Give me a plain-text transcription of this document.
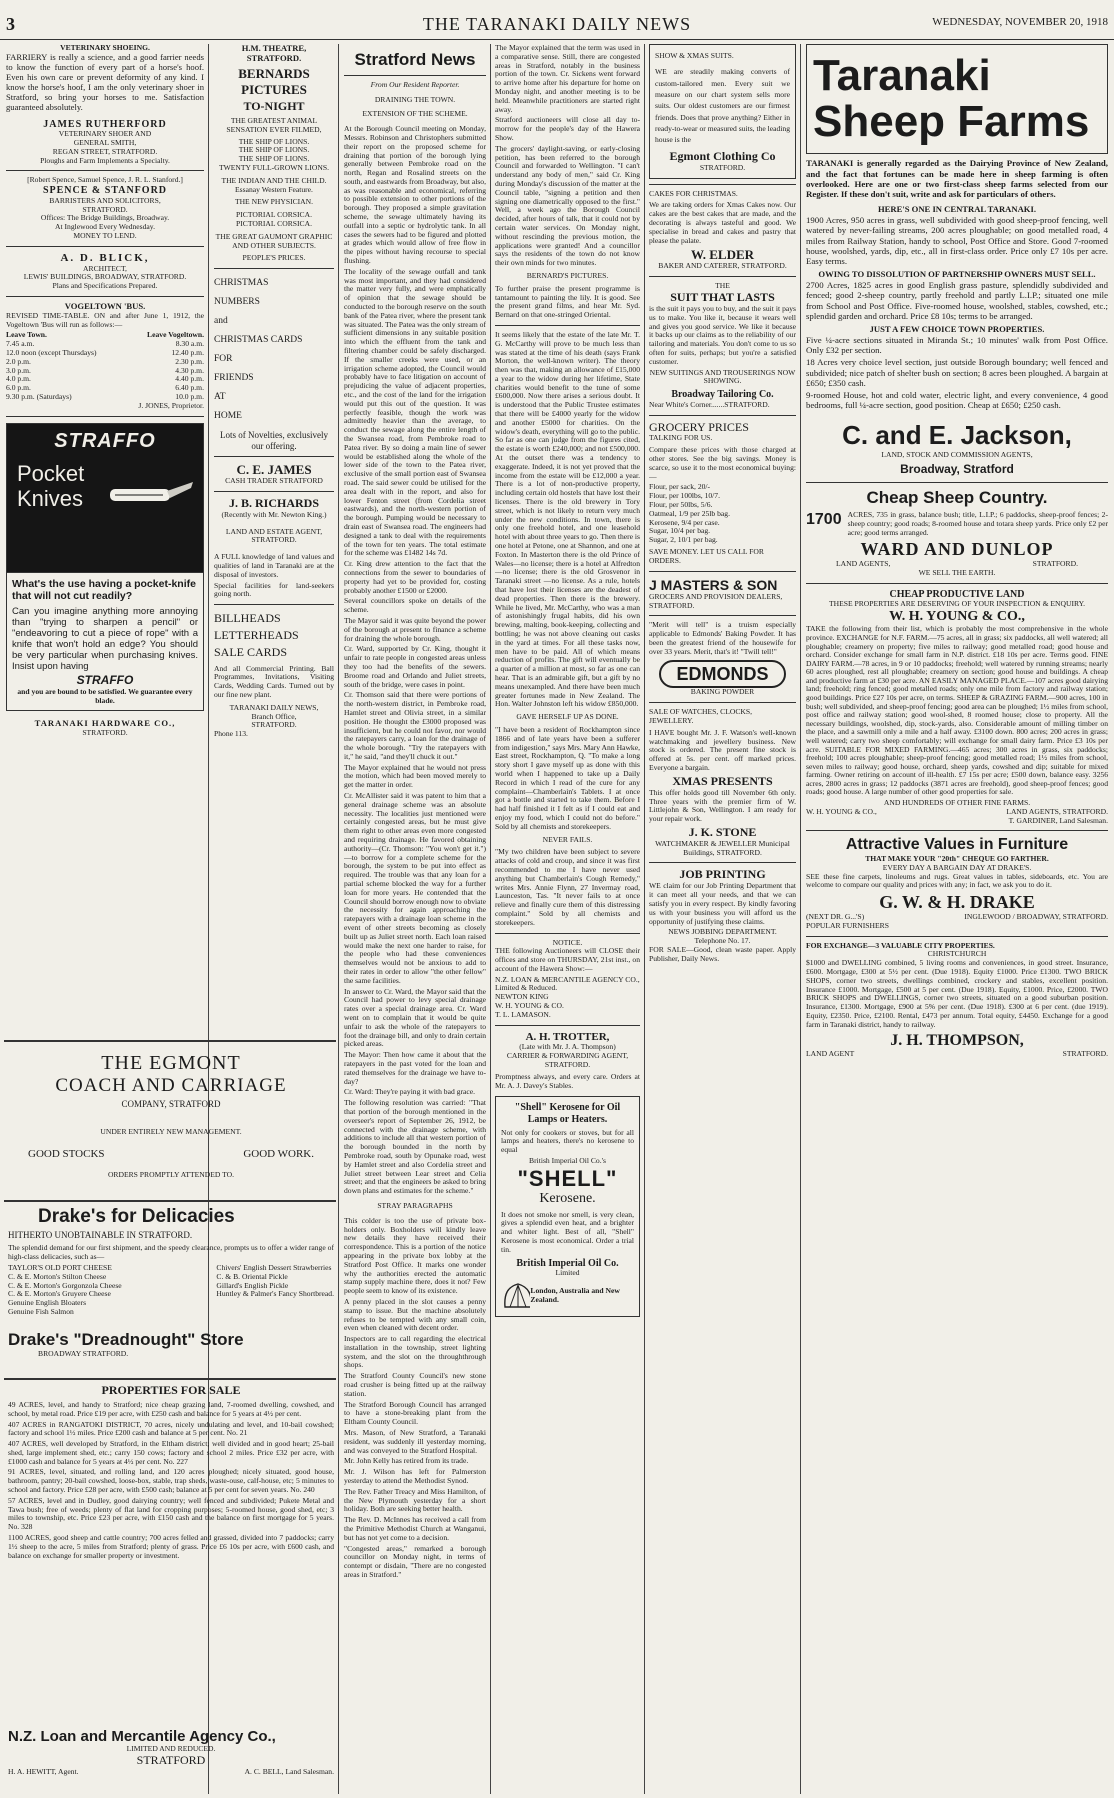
3	THE TARANAKI DAILY NEWS	WEDNESDAY, NOVEMBER 20, 1918
VETERINARY SHOEING.

FARRIERY is really a science, and a good farrier needs to know the function of every part of a horse's hoof. Even his own care or prevent deformity of any kind. I know the horse's hoof, I am the only veterinary shoer in Stratford, so bring your horses to me. Satisfaction guaranteed absolutely.

JAMES RUTHERFORD
VETERINARY SHOER AND
GENERAL SMITH,
REGAN STREET, STRATFORD.
Ploughs and Farm Implements a Specialty.
[Robert Spence, Samuel Spence, J. R. L. Stanford.]
SPENCE & STANFORD
BARRISTERS AND SOLICITORS,
STRATFORD.
Offices: The Bridge Buildings, Broadway.
At Inglewood Every Wednesday.
MONEY TO LEND.
A. D. BLICK,
ARCHITECT,
LEWIS' BUILDINGS, BROADWAY, STRATFORD.
Plans and Specifications Prepared.
VOGELTOWN 'BUS.

REVISED TIME-TABLE. ON and after June 1, 1912, the Vogeltown 'Bus will run as follows:—

Leave Town.	Leave Vogeltown.
7.45 a.m.	8.30 a.m.
12.0 noon (except Thursdays)	12.40 p.m.
2.0 p.m.	2.30 p.m.
3.0 p.m.	4.30 p.m.
4.0 p.m.	4.40 p.m.
6.0 p.m.	6.40 p.m.
9.30 p.m. (Saturdays)	10.0 p.m.
J. JONES, Proprietor.
STRAFFO
Pocket
Knives
What's the use having a pocket-knife that will not cut readily?

Can you imagine anything more annoying than "trying to sharpen a pencil" or "endeavoring to cut a piece of rope" with a knife that won't hold an edge? You should be very particular when purchasing knives. Insist upon having

STRAFFO
and you are bound to be satisfied. We guarantee every blade.
TARANAKI HARDWARE CO.,
STRATFORD.
H.M. THEATRE, STRATFORD.
BERNARDS PICTURES
TO-NIGHT
THE GREATEST ANIMAL SENSATION EVER FILMED,
THE SHIP OF LIONS.
THE SHIP OF LIONS.
THE SHIP OF LIONS.
TWENTY FULL-GROWN LIONS.
THE INDIAN AND THE CHILD. Essanay Western Feature.
THE NEW PHYSICIAN.
PICTORIAL CORSICA.
PICTORIAL CORSICA.
THE GREAT GAUMONT GRAPHIC AND OTHER SUBJECTS.
PEOPLE'S PRICES.
CHRISTMAS
NUMBERS
and
CHRISTMAS CARDS
FOR
FRIENDS
AT
HOME
Lots of Novelties, exclusively our offering.
C. E. JAMES
CASH TRADER STRATFORD
J. B. RICHARDS
(Recently with Mr. Newton King.)
LAND AND ESTATE AGENT, STRATFORD.

A FULL knowledge of land values and qualities of land in Taranaki are at the disposal of investors.

Special facilities for land-seekers going north.

BILLHEADS
LETTERHEADS
SALE CARDS

And all Commercial Printing. Ball Programmes, Invitations, Visiting Cards, Wedding Cards. Turned out by our fine new plant.

TARANAKI DAILY NEWS,
Branch Office,
STRATFORD.
Phone 113.
THE EGMONT
COACH AND CARRIAGE
COMPANY, STRATFORD
UNDER ENTIRELY NEW MANAGEMENT.
GOOD STOCKS	GOOD WORK.
ORDERS PROMPTLY ATTENDED TO.
Drake's for Delicacies
HITHERTO UNOBTAINABLE IN STRATFORD.

The splendid demand for our first shipment, and the speedy clearance, prompts us to offer a wider range of high-class delicacies, such as—

TAYLOR'S OLD PORT CHEESE
C. & E. Morton's Stilton Cheese
C. & E. Morton's Gorgonzola Cheese
C. & E. Morton's Gruyere Cheese
Genuine English Bloaters
Genuine Fish Salmon
Chivers' English Dessert Strawberries
C. & B. Oriental Pickle
Gillard's English Pickle
Huntley & Palmer's Fancy Shortbread.
Drake's "Dreadnought" Store
BROADWAY STRATFORD.
PROPERTIES FOR SALE

49 ACRES, level, and handy to Stratford; nice cheap grazing land, 7-roomed dwelling, cowshed, and school, by metal road. Price £19 per acre, with £250 cash and balance for 5 years at 4½ per cent.

407 ACRES in RANGATOKI DISTRICT, 70 acres, nicely undulating and level, and 10-bail cowshed; factory and school 1½ miles. Price £200 cash and balance at 5 per cent. No. 21

407 ACRES, well developed by Stratford, in the Eltham district; well divided and in good heart; 25-bail shed, large implement shed, etc.; carry 150 cows; factory and school 2 miles. Price £32 per acre, with £1000 cash and balance for 5 years at 4½ per cent. No. 227

91 ACRES, level, situated, and rolling land, and 120 acres ploughed; nicely situated, good house, bathroom, pantry; 20-bail cowshed, loose-box, stable, trap sheds, waste-ouse, calf-house, etc; 5 minutes to school and factory. Price £28 per acre, with £500 cash; balance at 5 per cent for seven years. No. 240

57 ACRES, level and in Dudley, good dairying country; well fenced and subdivided; Pukete Metal and Tawa bush; free of weeds; plenty of flat land for cropping purposes; 5-roomed house, good shed, etc; 3 miles to township, etc. Price £23 per acre, with £150 cash and the balance on first mortgage for 5 years. No. 328

1100 ACRES, good sheep and cattle country; 700 acres felled and grassed, divided into 7 paddocks; carry 1½ sheep to the acre, 5 miles from Stratford; plenty of grass. Price £6 10s per acre, with £600 cash, and balance on exchange for smaller property or investment.

N.Z. Loan and Mercantile Agency Co.,
LIMITED AND REDUCED.
STRATFORD
H. A. HEWITT, Agent.	A. C. BELL, Land Salesman.
Stratford News
From Our Resident Reporter.
DRAINING THE TOWN.
EXTENSION OF THE SCHEME.

At the Borough Council meeting on Monday, Messrs. Robinson and Christophers submitted their report on the proposed scheme for draining that portion of the borough lying generally between Pembroke road on the north, Regan and Rosalind streets on the south, and eastwards from Broadway, but also, as was reasonable and economical, referring to possible extension to other portions of the borough. They proposed a simple gravitation scheme, the sewage ultimately having its outfall into a septic or hydrolytic tank. In all cases the sewers had to be figured and plotted at grades which would allow of free flow in the pipes without having recourse to special flushing.

The locality of the sewage outfall and tank was most important, and they had considered the matter very fully, and were emphatically of opinion that the sewage should be conducted to the borough reserve on the south bank of the Patea river, where the present tank was situated. The Patea was the only stream of sufficient dimensions in any suitable position into which the effluent from the tank and filtering chamber could be safely discharged. If the smaller creeks were used, or an irrigation scheme adopted, the Council would probably have to face litigation on account of prejudicing the value of adjacent properties, etc., and the cost of the land for the irrigation would put this out of the question. It was perfectly feasible, though the work was admittedly heavier than the average, to conduct the sewage along the entire length of the Swansea road, from Pembroke road to Patea river. By so doing a main line of sewer would be established along the whole of the lower side of the town to the Patea river, exclusive of the small portion east of Swansea road. The said sewer could be utilised for the area dealt with in the report, and also for lower Fenton street (from Cordelia street eastwards), and the north-western portion of the borough. Pumping would be necessary to drain east of Swansea road. The engineers had designed a tank to deal with the requirements of the town for ten years. The total estimate for the scheme was £1482 14s 7d.

Cr. King drew attention to the fact that the connections from the sewer to boundaries of property had yet to be provided for, costing probably another £1500 or £2000.

Several councillors spoke on details of the scheme.

The Mayor said it was quite beyond the power of the borough at present to finance a scheme for draining the whole borough.

Cr. Ward, supported by Cr. King, thought it unfair to rate people in congested areas unless they too had the benefits of the sewers. Broome road and Orlando and Juliet streets, south of the bridge, were cases in point.

Cr. Thomson said that there were portions of the north-western district, in Pembroke road, Hamlet street and Olivia street, in a similar position. He thought the £3000 proposed was insufficient, but he could not favor, nor would the ratepayers carry, a loan for the drainage of the whole borough. "Try the ratepayers with it," he said, "and they'll chuck it out."

The Mayor explained that he would not press the motion, which had been moved merely to get the matter in order.

Cr. McAllister said it was patent to him that a general drainage scheme was an absolute necessity. The localities just mentioned were certainly congested areas, but he must give them right to other areas even more congested and requiring drainage. He favored obtaining authority—(Cr. Thomson: "You won't get it.")—to borrow for a complete scheme for the borough, the system to be put into effect as required. The trouble was that any loan for a partial scheme blocked the way for a further loan for more years. He contended that the Council should borrow enough now to obviate the necessity for again approaching the ratepayers with a drainage loan scheme in the event of other streets becoming as closely built up as Juliet street north. Each loan raised would make the next one harder to raise, for the people who had these conveniences themselves would not be anxious to add to their rates in order to allow "the other fellow" the same facilities.

In answer to Cr. Ward, the Mayor said that the Council had power to levy special drainage rates over a special drainage area. Cr. Ward went on to complain that it would be quite unfair to ask the whole of the ratepayers to foot the drainage bill, and only to drain certain picked areas.

The Mayor: Then how came it about that the ratepayers in the past voted for the loan and rated themselves for the drainage we have to-day?

Cr. Ward: They're paying it with bad grace.

The following resolution was carried: "That that portion of the borough mentioned in the overseer's report of September 26, 1912, be connected with the drainage scheme, with additions to include all that western portion of the borough bounded in the north by Pembroke road, south by Opunake road, west by Hamlet street and also Cordelia street and Juliet street between Lear street and Celia street; and that the engineers be asked to bring down plans and estimates for the scheme."

STRAY PARAGRAPHS

This colder is too the use of private box-holders only. Boxholders will kindly leave new details they have received their correspondence. This is a portion of the notice appearing in the private box lobby at the Stratford Post Office. It marks one wonder why the authorities erected the automatic stamp supply machine there, does it not? Few people seem to know of its existence.

A penny placed in the slot causes a penny stamp to issue. But the machine absolutely refuses to be tempted with any small coin, even when cleaned with decent order.

Inspectors are to call regarding the electrical installation in the township, street lighting system, and the slot on the throughthrough shops.

The Stratford County Council's new stone road crusher is being fitted up at the railway station.

The Stratford Borough Council has arranged to have a stone-breaking plant from the Eltham County Council.

Mrs. Mason, of New Stratford, a Taranaki resident, was suddenly ill yesterday morning, and was conveyed to the Stratford Hospital.

Mr. John Kelly has retired from its trade.

Mr. J. Wilson has left for Palmerston yesterday to attend the Methodist Synod.

The Rev. Father Treacy and Miss Hamilton, of the New Plymouth yesterday for a short holiday. Both are seeking better health.

The Rev. D. McInnes has received a call from the Primitive Methodist Church at Wanganui, but has not yet come to a decision.

"Congested areas," remarked a borough councillor on Monday night, in terms of contempt or disdain, "There are no congested areas in Stratford."

The Mayor explained that the term was used in a comparative sense. Still, there are congested areas in Stratford, notably in the business portion of the town. Cr. Sickens went forward to arrive home after his departure for home on Monday night, and another meeting is to be held. Meanwhile practitioners are started right away.

Stratford auctioneers will close all day to-morrow for the people's day of the Hawera Show.

The grocers' daylight-saving, or early-closing petition, has been referred to the borough Council and forwarded to Wellington. "I can't understand any body of men," said Cr. King during Monday's discussion of the matter at the Council table, "signing a petition and then signing one diametrically opposed to the first." Well, a week ago the Borough Council decided, after hours of talk, that it could not by certain water services. On Monday night, without rescinding the previous motion, the applications were granted! And a councillor says the residents of the town do not know their own minds for two minutes.

BERNARD'S PICTURES.

To further praise the present programme is tantamount to painting the lily. It is good. See the present grand films, and hear Mr. Syd. Bernard on that one-stringed Oriental.

It seems likely that the estate of the late Mr. T. G. McCarthy will prove to be much less than was stated at the time of his death (says Frank Morton, the well-known writer). The theory then was that, making an allowance of £15,000 a year to the widow during her lifetime, State charities would benefit to the tune of some £600,000. Now there arises a serious doubt. It is understood that the Public Trustee estimates that there will be £4000 yearly for the widow and another £5000 for charities. On the widow's death, everything will go to the public. So far as one can judge from the figures cited, the estate is worth £240,000; and not £500,000. At the outset there was a tendency to exaggerate. Indeed, it is not yet proved that the income from the estate will be £12,000 a year. There is a lot of non-productive property, including certain old hostels that have lost their licenses. There is the old brewery in Tory street, which is not likely to return very much under the new conditions. In town, there is only one freehold hotel, and one leasehold hotel with about three years to go. Then there is one hotel at Petone, one at Shannon, and one at Foxton. In Masterton there is the old Prince of Wales—no license; there is a hotel at Alfredton—no license; there is the old Grosvenor in Taranaki street —no license. As a rule, hotels that have lost their licenses are the deadest of dead properties. Then there is the brewery. While he lived, Mr. McCarthy, who was a man of astonishingly frugal habits, did his own brewing, malting, book-keeping, collecting and bottling; he was not above cleaning out casks in the yard at times. For all these tasks now, men have to be paid. All of which means reduction of profits. The gift will eventually be a quarter of a million at most, so far as one can hear. That is an admirable gift, but a gift by no means unexampled. And there have been much greater fortunes made in New Zealand. The Hon. Walter Johnston left his widow £850,000.

GAVE HERSELF UP AS DONE.

"I have been a resident of Rockhampton since 1866 and of late years have been a sufferer from indigestion," says Mrs. Mary Ann Hawke, East street, Rockhampton, Q. "To make a long story short I gave myself up as done with this world when I happened to take up a Daily Record in which I read of the cure for any complaint—Chamberlain's Tablets. I at once got a bottle and started to take them. Before I had half finished it I felt as if I could eat and enjoy my food, which I could not do before." Sold by all chemists and storekeepers.

NEVER FAILS.

"My two children have been subject to severe attacks of cold and croup, and since it was first recommended to me I have never used anything but Chamberlain's Cough Remedy," writes Mrs. Annie Flynn, 27 Invermay road, Launceston, Tas. "It never fails to at once relieve and finally cure them of this distressing complaint." Sold by all chemists and storekeepers.

NOTICE.

THE following Auctioneers will CLOSE their offices and store on THURSDAY, 21st inst., on account of the Hawera Show:—

N.Z. LOAN & MERCANTILE AGENCY CO., Limited & Reduced.
NEWTON KING
W. H. YOUNG & CO.
T. L. LAMASON.
A. H. TROTTER,
(Late with Mr. J. A. Thompson)
CARRIER & FORWARDING AGENT, STRATFORD.

Promptness always, and every care. Orders at Mr. A. J. Davey's Stables.

"Shell" Kerosene for Oil Lamps or Heaters.

Not only for cookers or stoves, but for all lamps and heaters, there's no kerosene to equal

British Imperial Oil Co.'s
"SHELL"
Kerosene.

It does not smoke nor smell, is very clean, gives a splendid even heat, and a brighter and whiter light. Best of all, "Shell" Kerosene is most economical. Order a trial tin.

British Imperial Oil Co.
Limited
London, Australia and New Zealand.
SHOW & XMAS SUITS.

WE are steadily making converts of custom-tailored men. Every suit we measure on our chart system sells more suits. Our oldest customers are our firmest friends. Does that prove anything? Either in ready-to-wear or measured suits, the leading house is the

Egmont Clothing Co
STRATFORD.
CAKES FOR CHRISTMAS.

We are taking orders for Xmas Cakes now. Our cakes are the best cakes that are made, and the decorating is always tasteful and good. We specialise in bread and cakes and pastry that please the palate.

W. ELDER
BAKER AND CATERER, STRATFORD.
THE
SUIT THAT LASTS

is the suit it pays you to buy, and the suit it pays us to make. You like it, because it wears well and gives you good service. We like it because it backs up our claims as to the reliability of our tailoring and materials. You don't come to us so often for suits, perhaps; but you're a satisfied customer.

NEW SUITINGS AND TROUSERINGS NOW SHOWING.
Broadway Tailoring Co.
Near White's Corner.......STRATFORD.
GROCERY PRICES
TALKING FOR US.

Compare these prices with those charged at other stores. See the big savings. Money is scarce, so use it to the most economical buying:—

Flour, per sack, 20/-
Flour, per 100lbs, 10/7.
Flour, per 50lbs, 5/6.
Oatmeal, 1/9 per 25lb bag.
Kerosene, 9/4 per case.
Sugar, 10/4 per bag.
Sugar, 2, 10/1 per bag.
SAVE MONEY. LET US CALL FOR ORDERS.
J MASTERS & SON
GROCERS AND PROVISION DEALERS, STRATFORD.

"Merit will tell" is a truism especially applicable to Edmonds' Baking Powder. It has been the greatest friend of the housewife for over 33 years. Merit, that's it! "Twill tell!"

EDMONDS
BAKING POWDER
SALE OF WATCHES, CLOCKS, JEWELLERY.

I HAVE bought Mr. J. F. Watson's well-known watchmaking and jewellery business. New stock is ordered. The present fine stock is offered at 5s. per cent. off marked prices. Everyone a bargain.

XMAS PRESENTS

This offer holds good till November 6th only. Three years with the premier firm of W. Littlejohn & Son, Wellington. I am ready for your repair work.

J. K. STONE
WATCHMAKER & JEWELLER Municipal Buildings, STRATFORD.
JOB PRINTING

WE claim for our Job Printing Department that it can meet all your needs, and that we can satisfy you in every respect. By kindly favoring us with your business you will afford us the opportunity of justifying these claims.

NEWS JOBBING DEPARTMENT.
Telephone No. 17.

FOR SALE—Good, clean waste paper. Apply Publisher, Daily News.

Taranaki
Sheep Farms

TARANAKI is generally regarded as the Dairying Province of New Zealand, and the fact that fortunes can be made here in sheep farming is often overlooked. Here are one or two first-class sheep farms selected from our Register. If these don't suit, write and ask for particulars of others.

HERE'S ONE IN CENTRAL TARANAKI.

1900 Acres, 950 acres in grass, well subdivided with good sheep-proof fencing, well watered by never-failing streams, 200 acres ploughable; on good metalled road, 4 miles from Railway Station, handy to school, Post Office and Store. Good 7-roomed house, woolshed, yards, dip, etc., all in first-class order. Price only £7 10s per acre. Easy terms.

OWING TO DISSOLUTION OF PARTNERSHIP OWNERS MUST SELL.

2700 Acres, 1825 acres in good English grass pasture, splendidly subdivided and fenced; good 2-sheep country, partly freehold and partly L.I.P.; situated one mile from School and Post Office. Five-roomed house, woolshed, stables, cowshed, etc.; splendid garden and orchard. Price £8 10s; terms to be arranged.

JUST A FEW CHOICE TOWN PROPERTIES.

Five ¼-acre sections situated in Miranda St.; 10 minutes' walk from Post Office. Only £32 per section.

18 Acres very choice level section, just outside Borough boundary; well fenced and subdivided; nice patch of shelter bush on section; 8 acres been ploughed. A bargain at £650; £350 cash.

9-roomed House, hot and cold water, electric light, and every convenience, 4 good bedrooms, full ¼-acre section, good position. Cheap at £650; £250 cash.

C. and E. Jackson,
LAND, STOCK AND COMMISSION AGENTS,
Broadway, Stratford
Cheap Sheep Country.
1700 ACRES, 735 in grass, balance bush; title, L.I.P.; 6 paddocks, sheep-proof fences; 2-sheep country; good roads; 8-roomed house and totara sheep yards. Price only £2 per acre; good terms arranged.

WARD AND DUNLOP
LAND AGENTS,	STRATFORD.
WE SELL THE EARTH.
CHEAP PRODUCTIVE LAND
THESE PROPERTIES ARE DESERVING OF YOUR INSPECTION & ENQUIRY.
W. H. YOUNG & CO.,

TAKE the following from their list, which is probably the most comprehensive in the whole province. EXCHANGE for N.F. FARM.—75 acres, all in grass; six paddocks, all well watered; all ploughable; creamery on property; five miles to railway; good metalled road; good house and orchard. Consider exchange for small farm in N.P. district. £18 10s per acre. Terms good. FINE DAIRY FARM.—78 acres, in 9 or 10 paddocks; freehold; well watered by running streams; nearly 60 acres ploughed, rest all ploughable; creamery on section; good house and buildings. A cheap and productive farm at £30 per acre. AN EASILY MANAGED PLACE.—107 acres good dairying land; freehold; ring fenced; good metalled roads; only one mile from factory and railway station; good buildings. Price £27 10s per acre, on terms. SHEEP & GRAZING FARM.—900 acres, 100 in bush; well subdivided, and sheep-proof fencing; good area can be ploughed; 1½ miles from school, post office and railway station; good wool-shed, 8 roomed house; close to property. All the necessary buildings, woolshed, dip, stock-yards, also. Considerable amount of milling timber on the place, and a sawmill only a mile and a half away. £3100 down. 800 acres; 200 acres in grass; well watered; carry two sheep comfortably; will exchange for small dairy farm. Price £3 10s per acre. SUITABLE FOR MIXED FARMING.—465 acres; 300 acres in grass, six paddocks; freehold; 100 acres ploughable; sheep-proof fencing; good metalled road; 1½ miles from school, seven miles to railway; good house, orchard, sheep yards, cowshed and dip; suitable for mixed farming. Owner retiring on account of ill-health. £7 15s per acre; £500 down, balance easy. 3256 acres, 2800 acres in grass; 12 paddocks (3871 acres are freehold), good sheep-proof fences; good roads; good house. A large number of other good properties for sale.

AND HUNDREDS OF OTHER FINE FARMS.
W. H. YOUNG & CO.,	LAND AGENTS, STRATFORD.
T. GARDINER, Land Salesman.
Attractive Values in Furniture
THAT MAKE YOUR "20th" CHEQUE GO FARTHER.
EVERY DAY A BARGAIN DAY AT DRAKE'S.

SEE these fine carpets, linoleums and rugs. Great values in tables, sideboards, etc. You are welcome to compare our quality and prices with any; in fact, we ask you to do it.

G. W. & H. DRAKE
(NEXT DR. G...'S)	INGLEWOOD / BROADWAY, STRATFORD.
POPULAR FURNISHERS
FOR EXCHANGE—3 VALUABLE CITY PROPERTIES.
CHRISTCHURCH

$1000 and DWELLING combined, 5 living rooms and conveniences, in good street. Insurance, £600. Mortgage, £300 at 5½ per cent. (Due 1918). Equity £1000. Price £1300. TWO BRICK SHOPS, corner two streets, dwellings combined, crockery and stables, excellent position. Insurance £1000. Mortgage, £500 at 5 per cent. (Due 1918). Equity, £1000. Price, £2000. TWO BRICK SHOPS and DWELLINGS, corner two streets, situated on a good suburban position. Insurance, £1300. Mortgage, £900 at 5% per cent. (Due 1918). £300 at 6 per cent. (due 1919). Equity, £2350. Price, £2100. Rental, £473 per annum. Total equity, £4450. Exchange for a good farm in Taranaki district, handy to railway.

J. H. THOMPSON,
LAND AGENT	STRATFORD.
